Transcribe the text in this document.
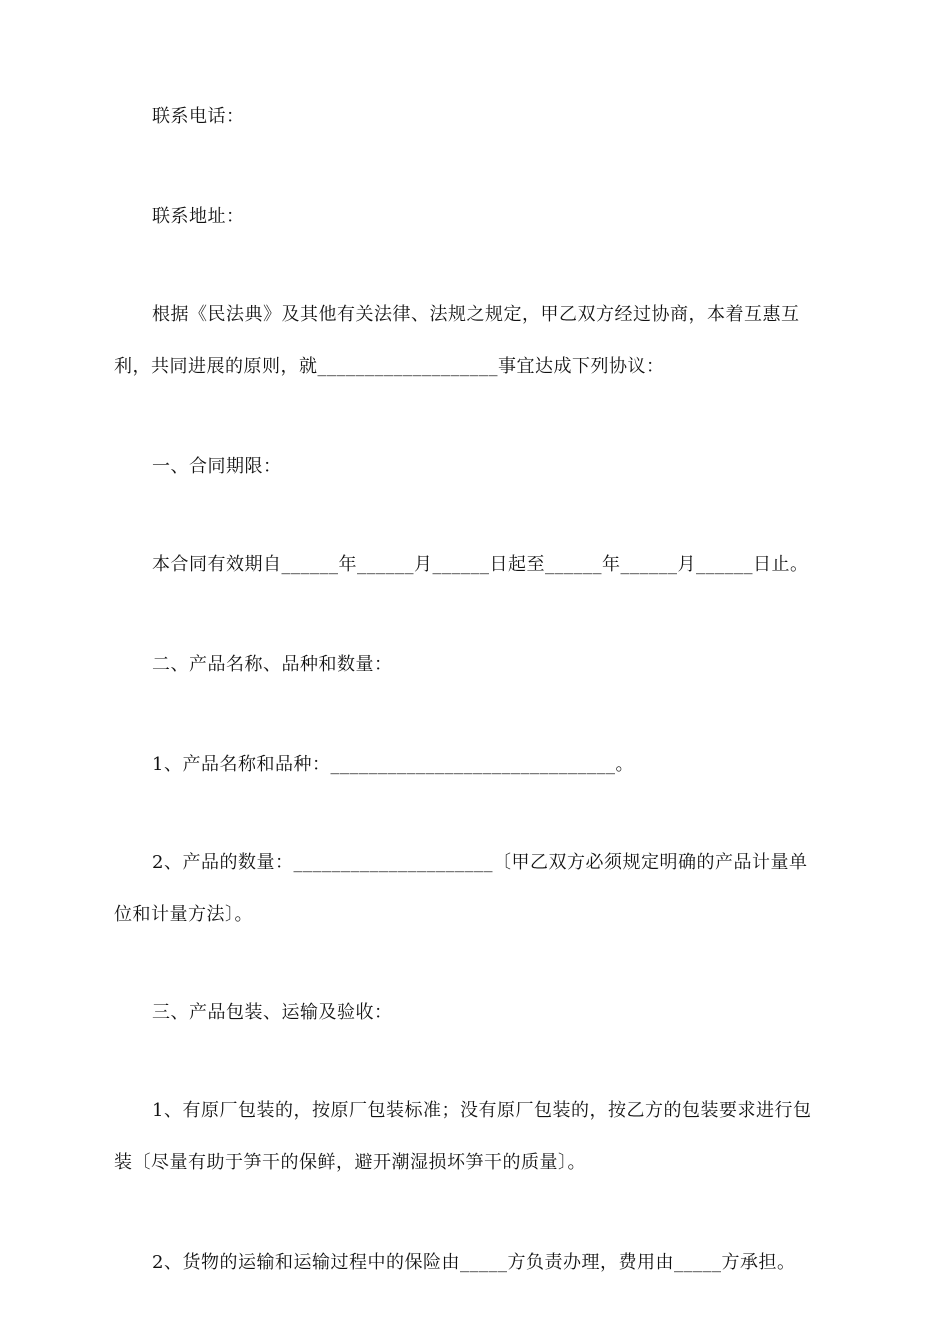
联系电话：
联系地址：
根据《民法典》及其他有关法律、法规之规定，甲乙双方经过协商，本着互惠互
利，共同进展的原则，就___________________事宜达成下列协议：
一、合同期限：
本合同有效期自______年______月______日起至______年______月______日止。
二、产品名称、品种和数量：
1、产品名称和品种：______________________________。
2、产品的数量：_____________________〔甲乙双方必须规定明确的产品计量单
位和计量方法〕。
三、产品包装、运输及验收：
1、有原厂包装的，按原厂包装标准；没有原厂包装的，按乙方的包装要求进行包
装〔尽量有助于笋干的保鲜，避开潮湿损坏笋干的质量〕。
2、货物的运输和运输过程中的保险由_____方负责办理，费用由_____方承担。
